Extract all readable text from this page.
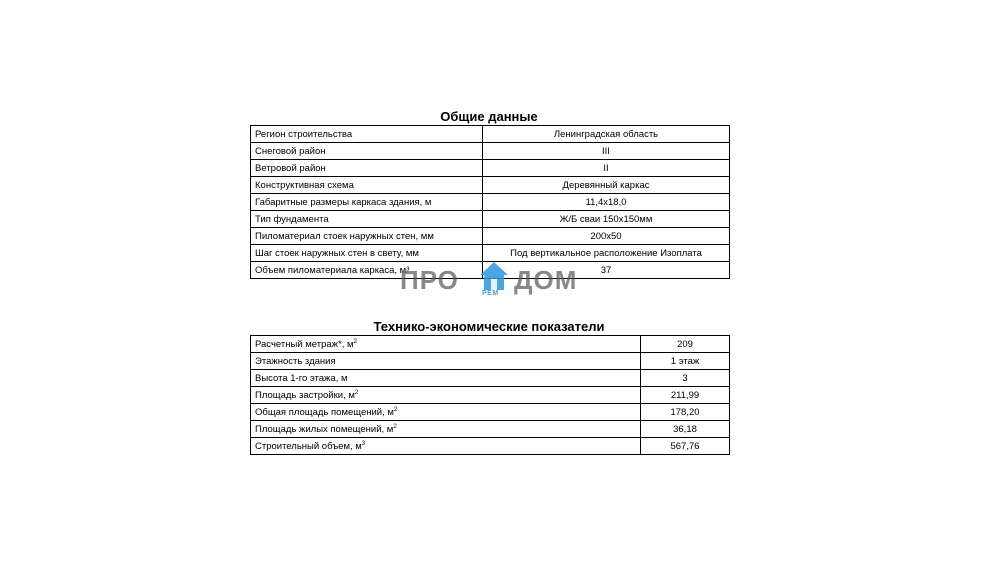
Общие данные
Регион строительства	Ленинградская область
Снеговой район	III
Ветровой район	II
Конструктивная схема	Деревянный каркас
Габаритные размеры каркаса здания, м	11,4х18,0
Тип фундамента	Ж/Б сваи 150х150мм
Пиломатериал стоек наружных стен, мм	200х50
Шаг стоек наружных стен в свету, мм	Под вертикальное расположение Изоплата
Объем пиломатериала каркаса, м³	37
ПРО	РЕМ ДОМ
Технико-экономические показатели
Расчетный метраж*, $м^2$	209
Этажность здания	1 этаж
Высота 1-го этажа, м	3
Площадь застройки, $м^2$	211,99
Общая площадь помещений, $м^2$	178,20
Площадь жилых помещений, $м^2$	36,18
Строительный объем, $м^3$	567,76
